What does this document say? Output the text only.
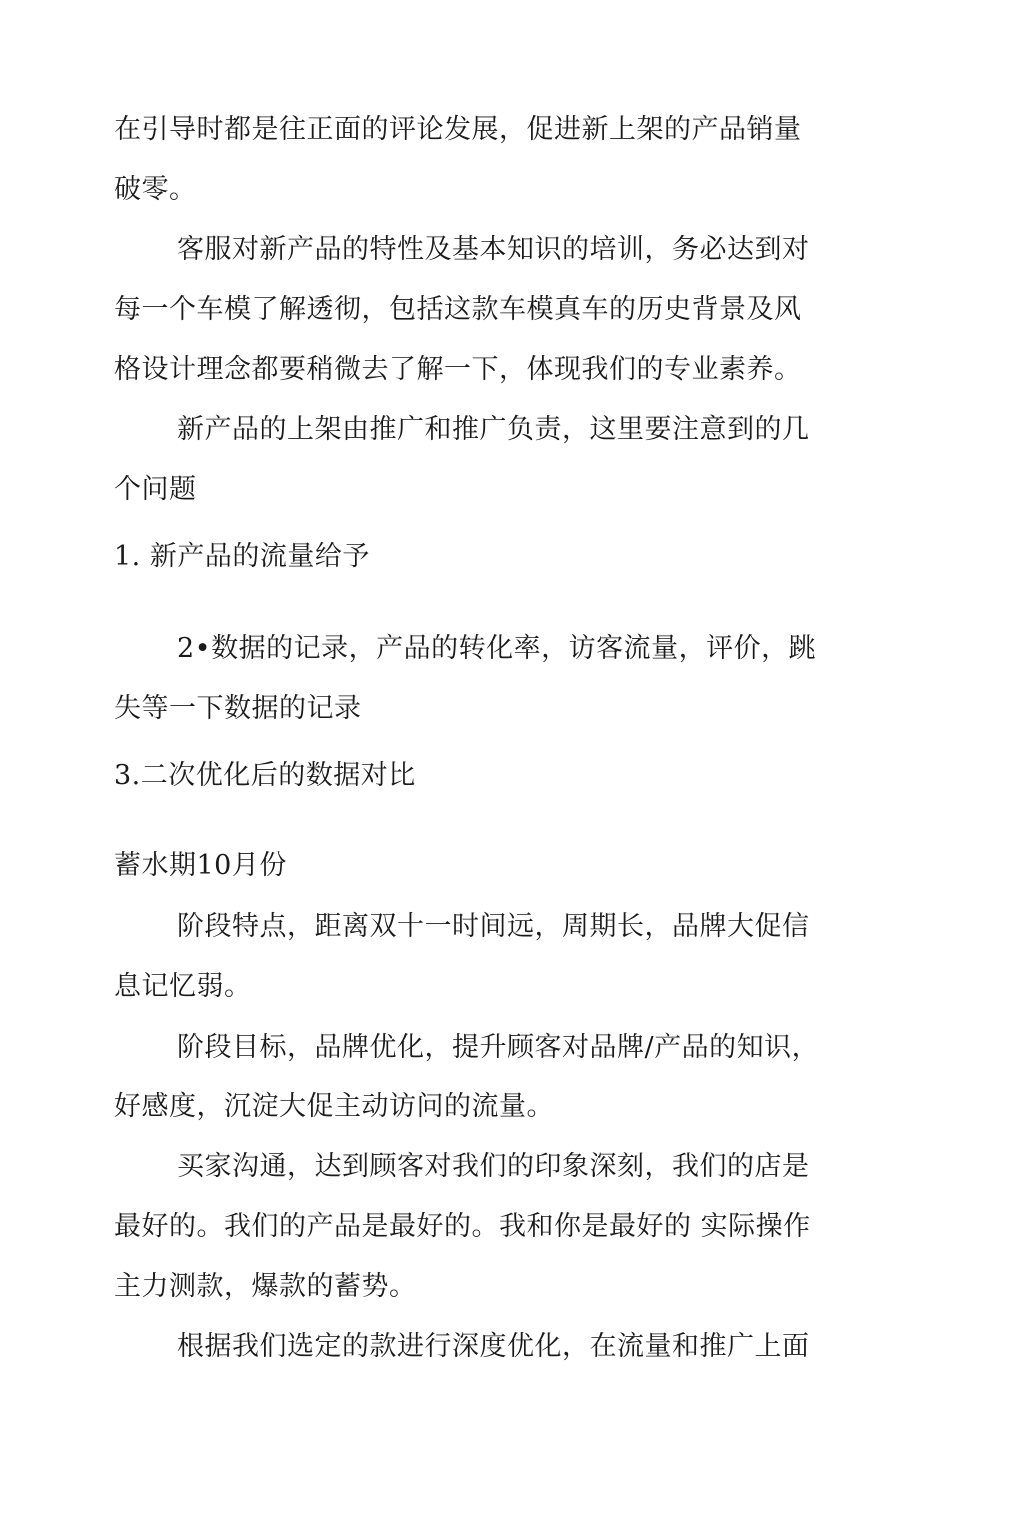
在引导时都是往正面的评论发展，促进新上架的产品销量
破零。
客服对新产品的特性及基本知识的培训，务必达到对
每一个车模了解透彻，包括这款车模真车的历史背景及风
格设计理念都要稍微去了解一下，体现我们的专业素养。
新产品的上架由推广和推广负责，这里要注意到的几
个问题
1. 新产品的流量给予
2•数据的记录，产品的转化率，访客流量，评价，跳
失等一下数据的记录
3.二次优化后的数据对比
蓄水期10月份
阶段特点，距离双十一时间远，周期长，品牌大促信
息记忆弱。
阶段目标，品牌优化，提升顾客对品牌/产品的知识，
好感度，沉淀大促主动访问的流量。
买家沟通，达到顾客对我们的印象深刻，我们的店是
最好的。我们的产品是最好的。我和你是最好的 实际操作
主力测款，爆款的蓄势。
根据我们选定的款进行深度优化，在流量和推广上面
